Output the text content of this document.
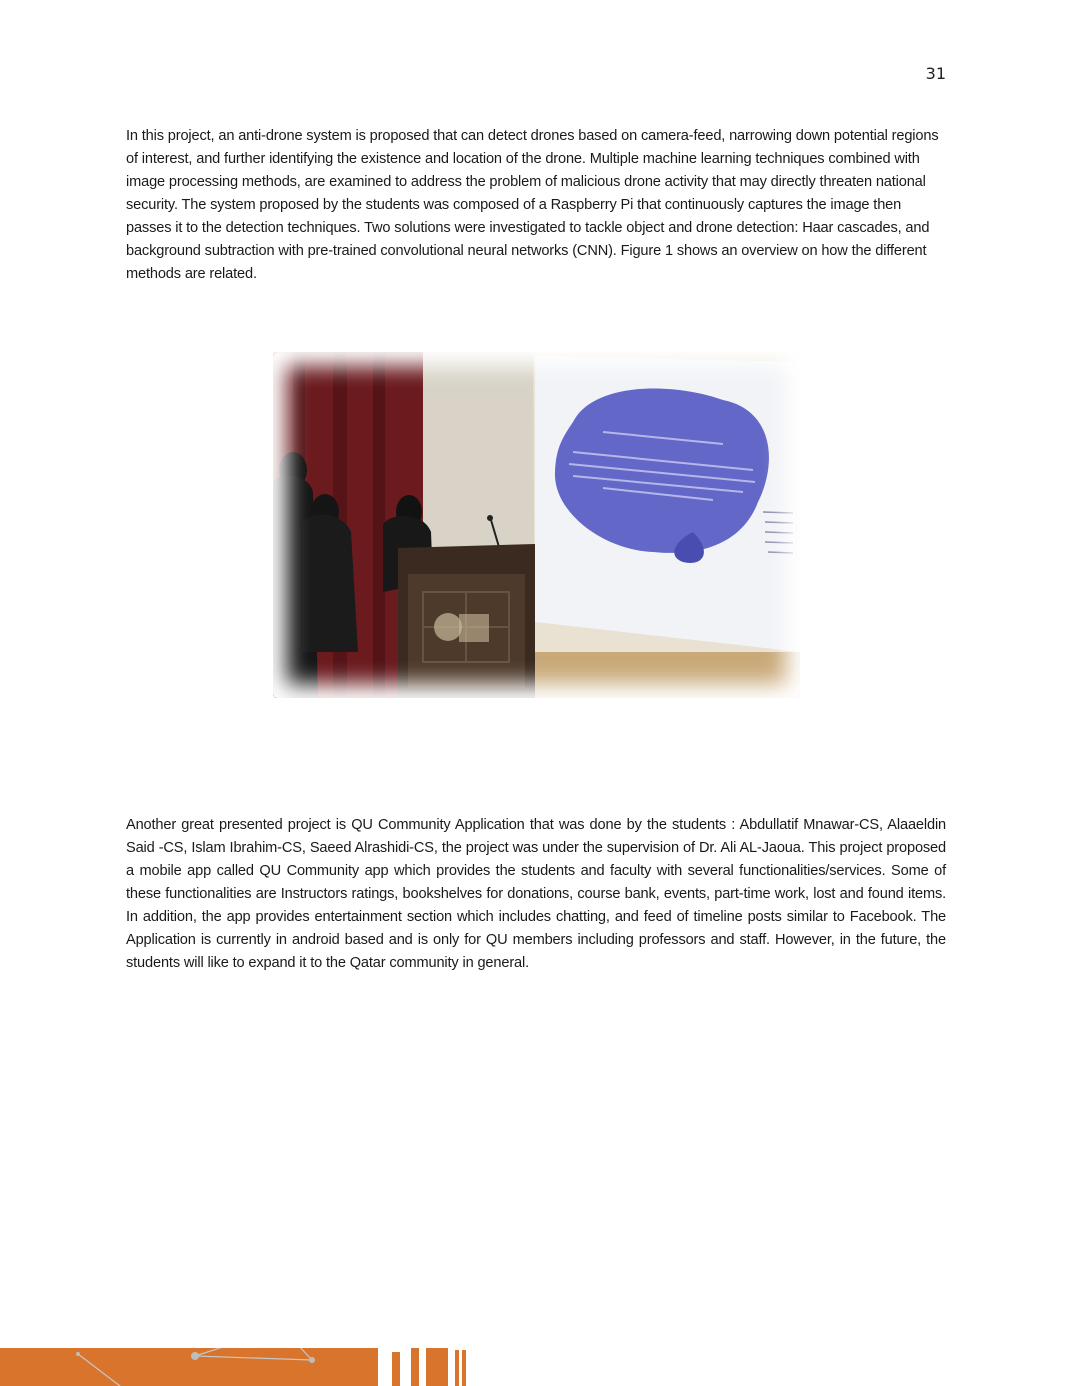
31

In this project, an anti-drone system is proposed that can detect drones based on camera-feed, narrowing down potential regions of interest, and further identifying the existence and location of the drone. Multiple machine learning techniques combined with image processing methods, are examined to address the problem of malicious drone activity that may directly threaten national security. The system proposed by the students was composed of a Raspberry Pi that continuously captures the image then passes it to the detection techniques. Two solutions were investigated to tackle object and drone detection: Haar cascades, and background subtraction with pre-trained convolutional neural networks (CNN). Figure 1 shows an overview on how the different methods are related.

Another great presented project is QU Community Application that was done by the students : Abdullatif Mnawar-CS, Alaaeldin Said -CS, Islam Ibrahim-CS, Saeed Alrashidi-CS, the project was under the supervision of Dr. Ali AL-Jaoua. This project proposed a mobile app called QU Community app which provides the students and faculty with several functionalities/services. Some of these functionalities are Instructors ratings, bookshelves for donations, course bank, events, part-time work, lost and found items. In addition, the app provides entertainment section which includes chatting, and feed of timeline posts similar to Facebook. The Application is currently in android based and is only for QU members including professors and staff. However, in the future, the students will like to expand it to the Qatar community in general.
